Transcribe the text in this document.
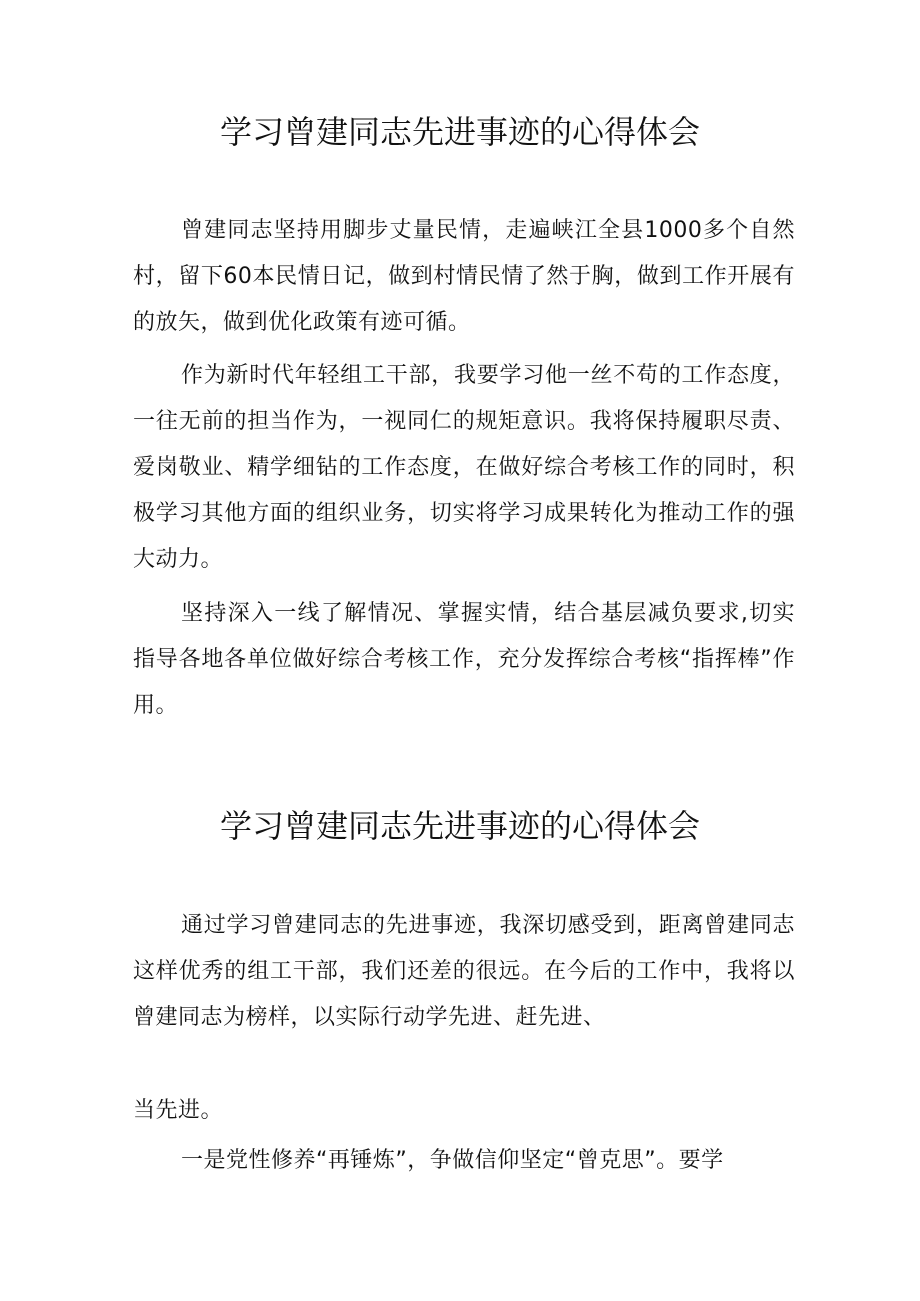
学习曾建同志先进事迹的心得体会

曾建同志坚持用脚步丈量民情，走遍峡江全县1000多个自然村，留下60本民情日记，做到村情民情了然于胸，做到工作开展有的放矢，做到优化政策有迹可循。

作为新时代年轻组工干部，我要学习他一丝不苟的工作态度，一往无前的担当作为，一视同仁的规矩意识。我将保持履职尽责、爱岗敬业、精学细钻的工作态度，在做好综合考核工作的同时，积极学习其他方面的组织业务，切实将学习成果转化为推动工作的强大动力。

坚持深入一线了解情况、掌握实情，结合基层减负要求,切实指导各地各单位做好综合考核工作，充分发挥综合考核“指挥棒”作用。

学习曾建同志先进事迹的心得体会

通过学习曾建同志的先进事迹，我深切感受到，距离曾建同志这样优秀的组工干部，我们还差的很远。在今后的工作中，我将以曾建同志为榜样，以实际行动学先进、赶先进、

当先进。

一是党性修养“再锤炼”，争做信仰坚定“曾克思”。要学
